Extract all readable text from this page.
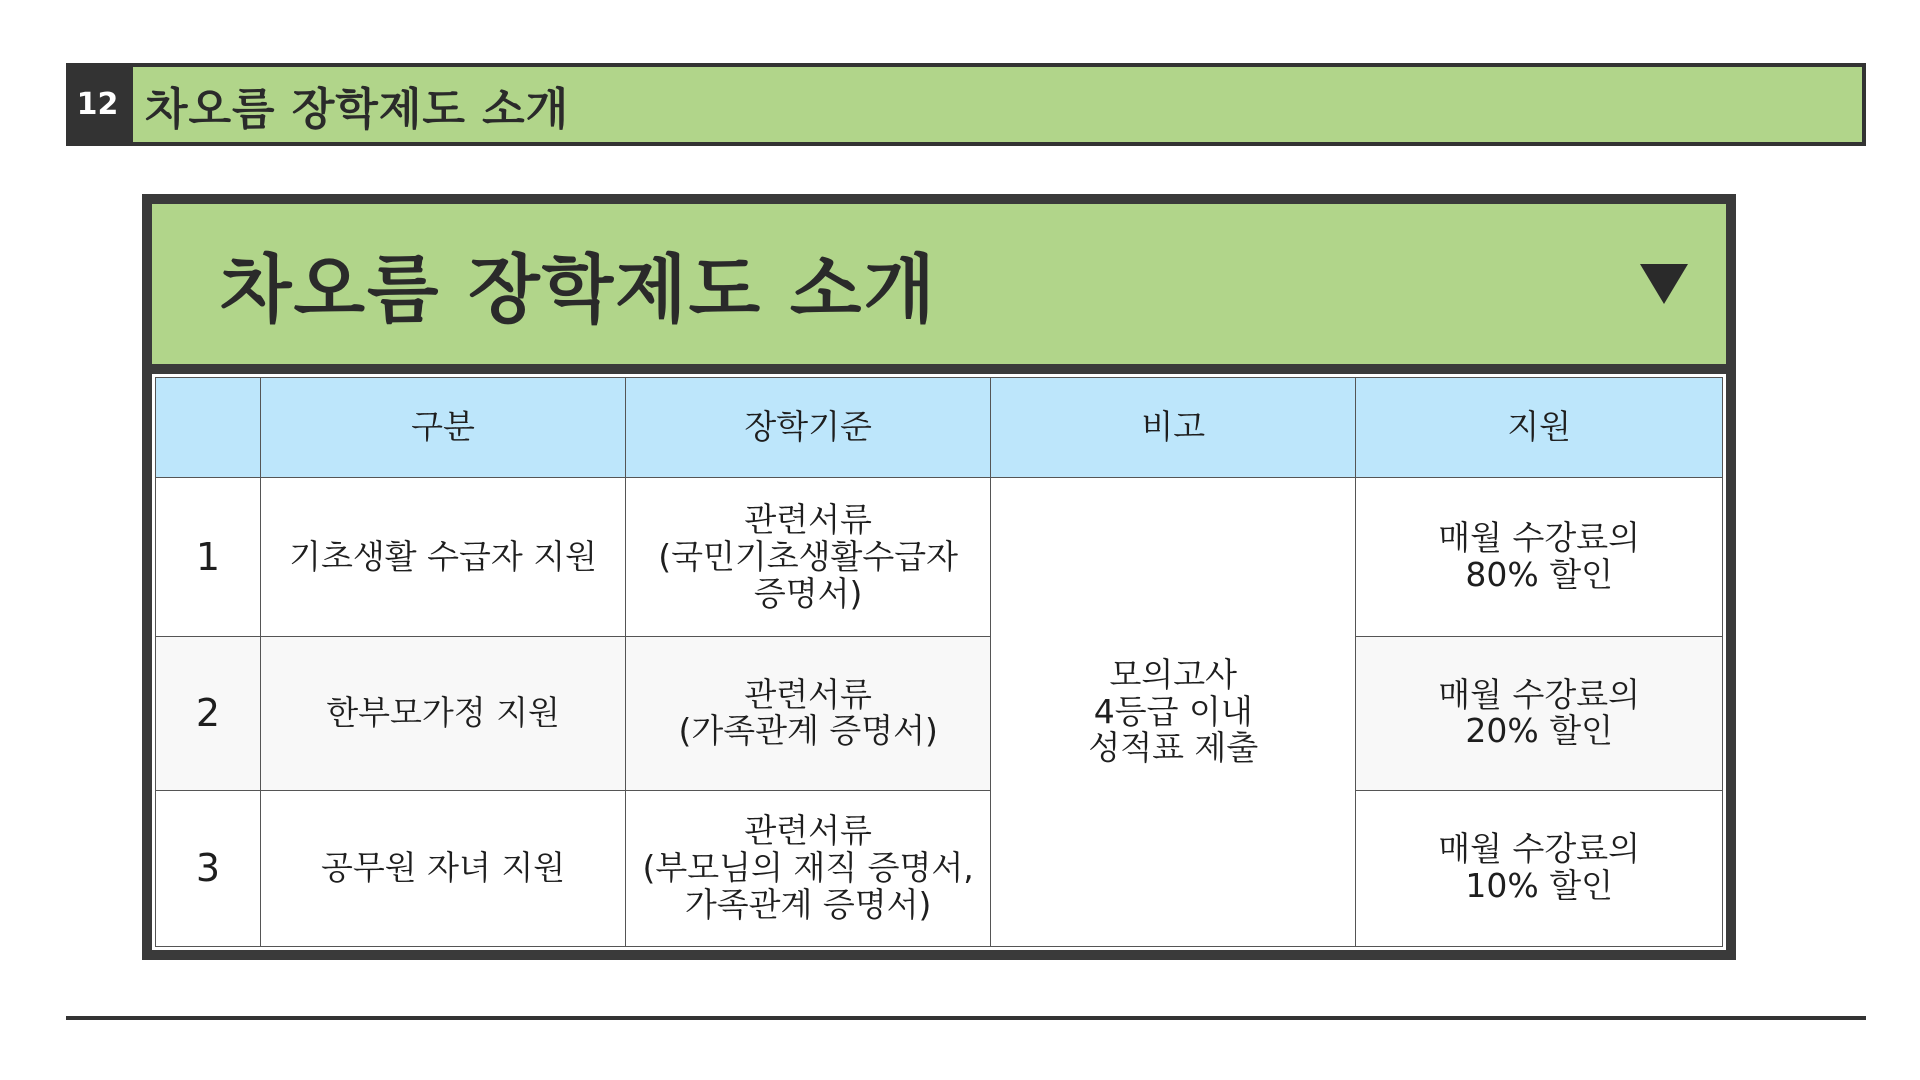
12 차오름 장학제도 소개
차오름 장학제도 소개
	구분	장학기준	비고	지원
1	기초생활 수급자 지원	관련서류
(국민기초생활수급자
증명서)	모의고사
4등급 이내
성적표 제출	매월 수강료의
80% 할인

2	한부모가정 지원	관련서류
(가족관계 증명서)		매월 수강료의
20% 할인

3	공무원 자녀 지원	관련서류
(부모님의 재직 증명서,
가족관계 증명서)		매월 수강료의
10% 할인
